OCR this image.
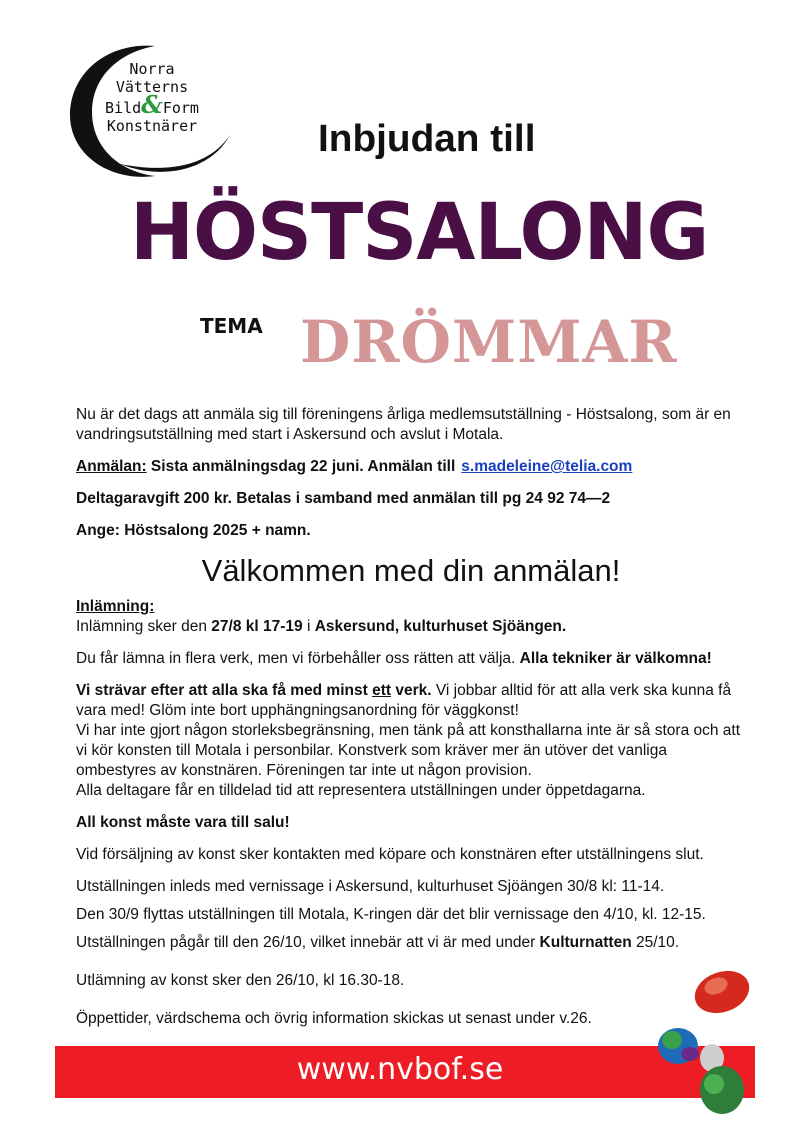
Norra
Vätterns
Bild&Form
Konstnärer	Inbjudan till
HÖSTSALONG
TEMA DRÖMMAR

Nu är det dags att anmäla sig till föreningens årliga medlemsutställning - Höstsalong, som är en vandringsutställning med start i Askersund och avslut i Motala.

Anmälan: Sista anmälningsdag 22 juni. Anmälan till s.madeleine@telia.com

Deltagaravgift 200 kr. Betalas i samband med anmälan till pg 24 92 74—2

Ange: Höstsalong 2025 + namn.

Välkommen med din anmälan!

Inlämning:

Inlämning sker den 27/8 kl 17-19 i Askersund, kulturhuset Sjöängen.

Du får lämna in flera verk, men vi förbehåller oss rätten att välja. Alla tekniker är välkomna!

Vi strävar efter att alla ska få med minst ett verk. Vi jobbar alltid för att alla verk ska kunna få vara med! Glöm inte bort upphängningsanordning för väggkonst!

Vi har inte gjort någon storleksbegränsning, men tänk på att konsthallarna inte är så stora och att vi kör konsten till Motala i personbilar. Konstverk som kräver mer än utöver det vanliga ombestyres av konstnären. Föreningen tar inte ut någon provision.

Alla deltagare får en tilldelad tid att representera utställningen under öppetdagarna.

All konst måste vara till salu!

Vid försäljning av konst sker kontakten med köpare och konstnären efter utställningens slut.

Utställningen inleds med vernissage i Askersund, kulturhuset Sjöängen 30/8 kl: 11-14.

Den 30/9 flyttas utställningen till Motala, K-ringen där det blir vernissage den 4/10, kl. 12-15.

Utställningen pågår till den 26/10, vilket innebär att vi är med under Kulturnatten 25/10.

Utlämning av konst sker den 26/10, kl 16.30-18.

Öppettider, värdschema och övrig information skickas ut senast under v.26.

www.nvbof.se
